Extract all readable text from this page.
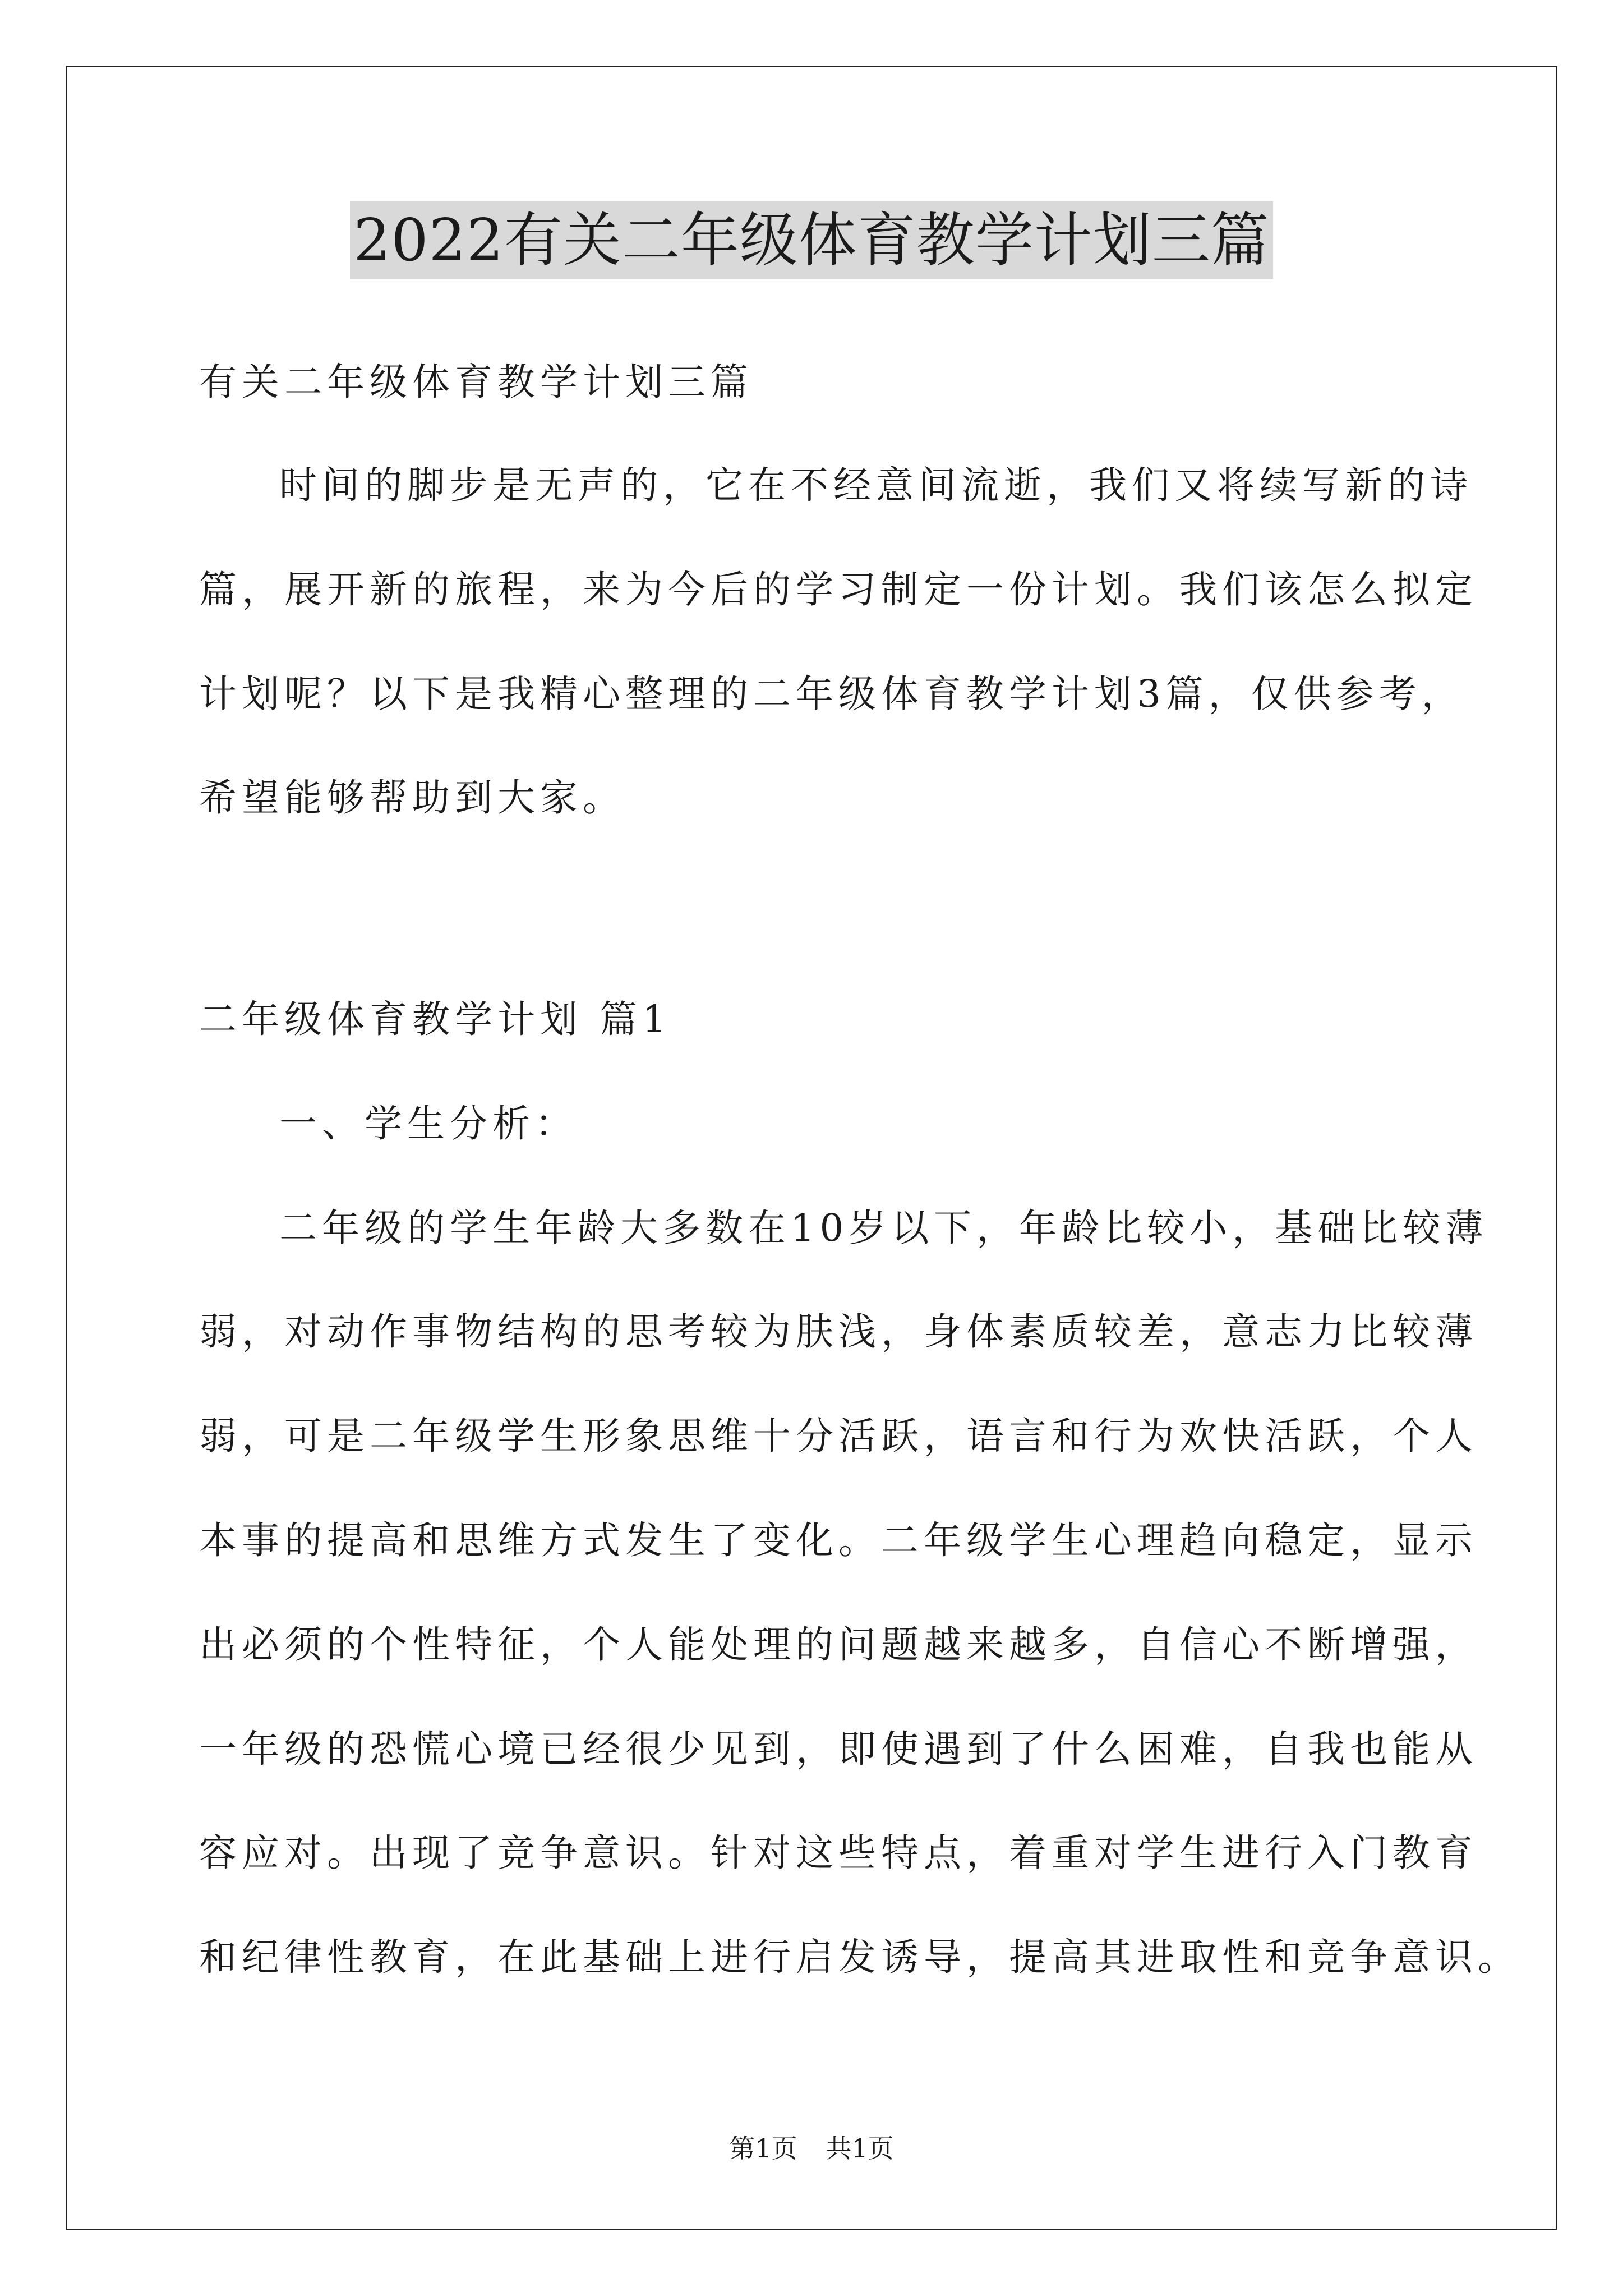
2022有关二年级体育教学计划三篇
有关二年级体育教学计划三篇
时间的脚步是无声的，它在不经意间流逝，我们又将续写新的诗
篇，展开新的旅程，来为今后的学习制定一份计划。我们该怎么拟定
计划呢？以下是我精心整理的二年级体育教学计划3篇，仅供参考，
希望能够帮助到大家。
二年级体育教学计划 篇1
一、学生分析：
二年级的学生年龄大多数在10岁以下，年龄比较小，基础比较薄
弱，对动作事物结构的思考较为肤浅，身体素质较差，意志力比较薄
弱，可是二年级学生形象思维十分活跃，语言和行为欢快活跃，个人
本事的提高和思维方式发生了变化。二年级学生心理趋向稳定，显示
出必须的个性特征，个人能处理的问题越来越多，自信心不断增强，
一年级的恐慌心境已经很少见到，即使遇到了什么困难，自我也能从
容应对。出现了竞争意识。针对这些特点，着重对学生进行入门教育
和纪律性教育，在此基础上进行启发诱导，提高其进取性和竞争意识。
第1页 共1页
